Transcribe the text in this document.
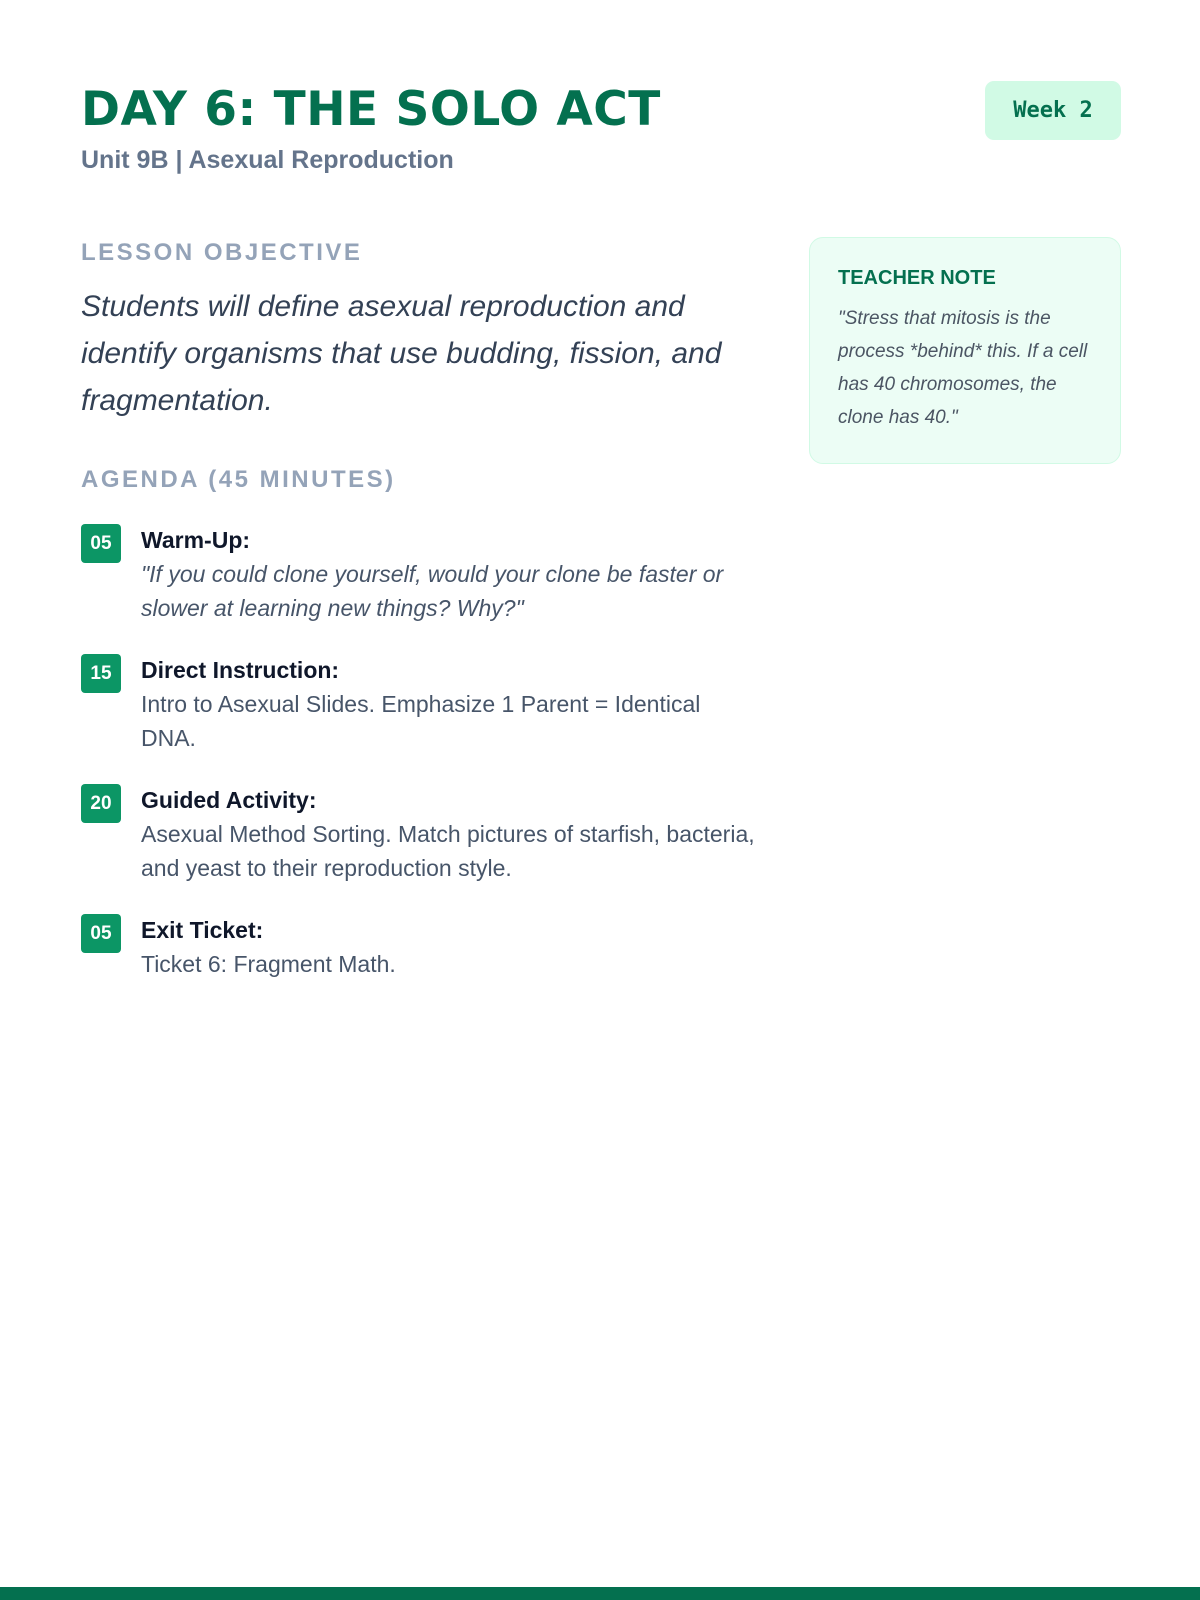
DAY 6: THE SOLO ACT
Unit 9B | Asexual Reproduction
Week 2
LESSON OBJECTIVE

Students will define asexual reproduction and identify organisms that use budding, fission, and fragmentation.

AGENDA (45 MINUTES)
05	Warm-Up:
"If you could clone yourself, would your clone be faster or slower at learning new things? Why?"
15	Direct Instruction:
Intro to Asexual Slides. Emphasize 1 Parent = Identical DNA.
20	Guided Activity:
Asexual Method Sorting. Match pictures of starfish, bacteria, and yeast to their reproduction style.
05	Exit Ticket:
Ticket 6: Fragment Math.
TEACHER NOTE
"Stress that mitosis is the process *behind* this. If a cell has 40 chromosomes, the clone has 40."
